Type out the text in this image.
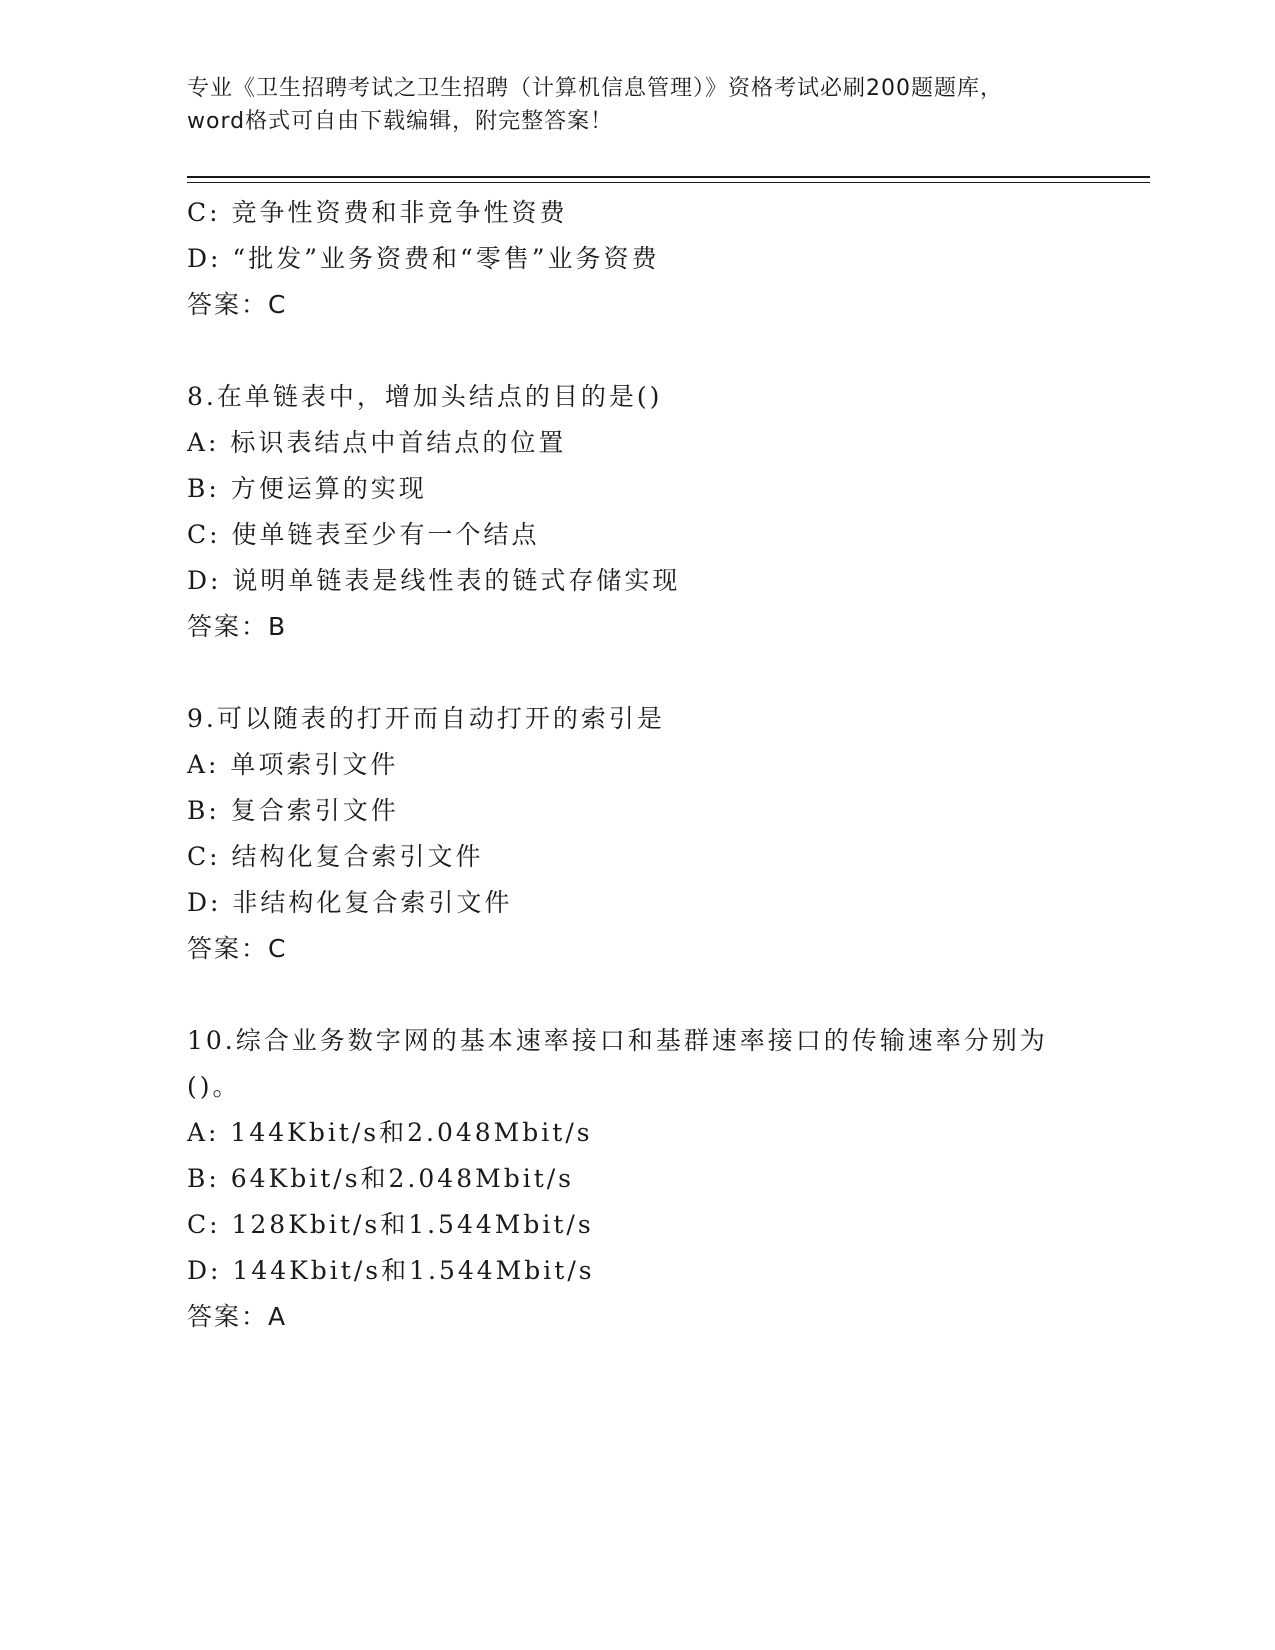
专业《卫生招聘考试之卫生招聘（计算机信息管理）》资格考试必刷200题题库，
word格式可自由下载编辑，附完整答案！
C: 竞争性资费和非竞争性资费
D: “批发”业务资费和“零售”业务资费
答案：C
8.在单链表中，增加头结点的目的是()
A: 标识表结点中首结点的位置
B: 方便运算的实现
C: 使单链表至少有一个结点
D: 说明单链表是线性表的链式存储实现
答案：B
9.可以随表的打开而自动打开的索引是
A: 单项索引文件
B: 复合索引文件
C: 结构化复合索引文件
D: 非结构化复合索引文件
答案：C
10.综合业务数字网的基本速率接口和基群速率接口的传输速率分别为
()。
A: 144Kbit/s和2.048Mbit/s
B: 64Kbit/s和2.048Mbit/s
C: 128Kbit/s和1.544Mbit/s
D: 144Kbit/s和1.544Mbit/s
答案：A
